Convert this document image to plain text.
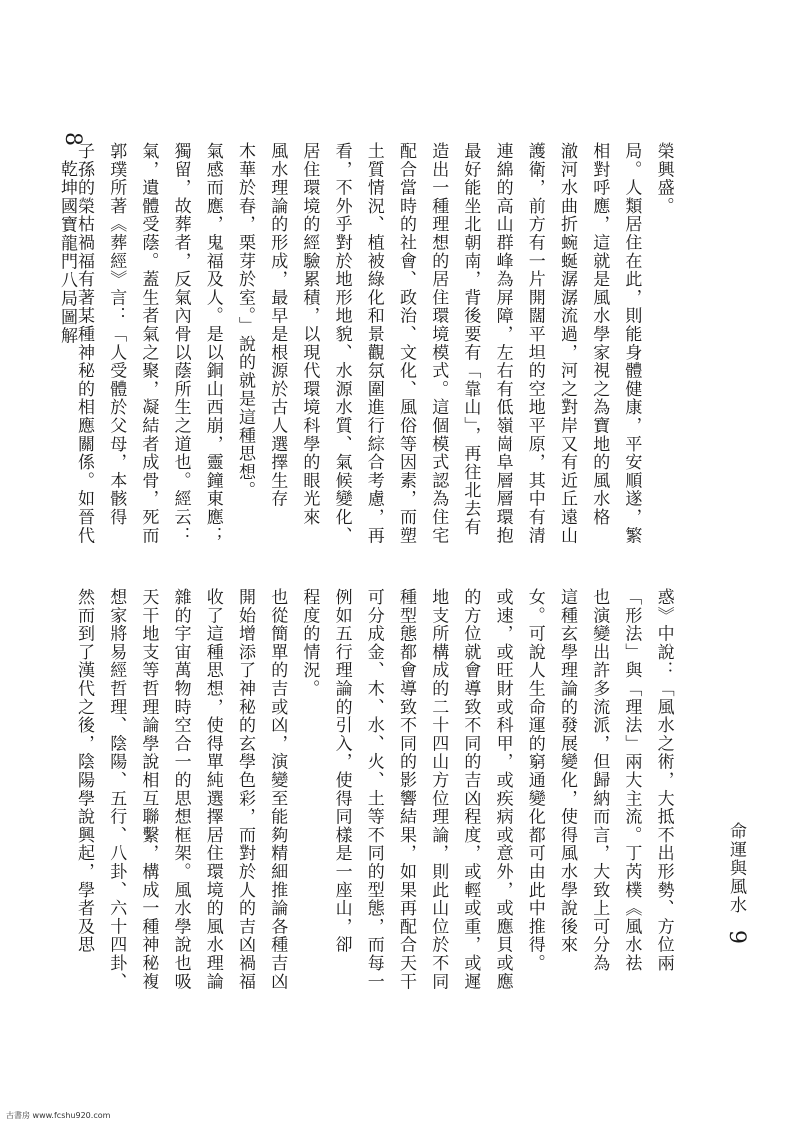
乾坤國寶龍門八局圖解
8
子孫的榮枯禍福有著某種神秘的相應關係。如晉代 郭璞所著《葬經》言：「人受體於父母，本骸得 氣，遺體受蔭。蓋生者氣之聚，凝結者成骨，死而 獨留，故葬者，反氣內骨以蔭所生之道也。經云： 氣感而應，鬼福及人。是以銅山西崩，靈鐘東應； 木華於春，栗芽於室。」說的就是這種思想。 風水理論的形成，最早是根源於古人選擇生存 居住環境的經驗累積，以現代環境科學的眼光來 看，不外乎對於地形地貌、水源水質、氣候變化、 土質情況、植被綠化和景觀氛圍進行綜合考慮，再 配合當時的社會、政治、文化、風俗等因素，而塑 造出一種理想的居住環境模式。這個模式認為住宅 最好能坐北朝南，背後要有「靠山」，再往北去有 連綿的高山群峰為屏障，左右有低嶺崗阜層層環抱 護衛，前方有一片開闊平坦的空地平原，其中有清 澈河水曲折蜿蜒潺潺流過，河之對岸又有近丘遠山 相對呼應，這就是風水學家視之為寶地的風水格 局。人類居住在此，則能身體健康，平安順遂，繁 榮興盛。
然而到了漢代之後，陰陽學說興起，學者及思 想家將易經哲理、陰陽、五行、八卦、六十四卦、 天干地支等哲理論學說相互聯繫，構成一種神秘複 雜的宇宙萬物時空合一的思想框架。風水學說也吸 收了這種思想，使得單純選擇居住環境的風水理論 開始增添了神秘的玄學色彩，而對於人的吉凶禍福 也從簡單的吉或凶，演變至能夠精細推論各種吉凶 程度的情況。 例如五行理論的引入，使得同樣是一座山，卻 可分成金、木、水、火、土等不同的型態，而每一 種型態都會導致不同的影響結果，如果再配合天干 地支所構成的二十四山方位理論，則此山位於不同 的方位就會導致不同的吉凶程度，或輕或重，或遲 或速，或旺財或科甲，或疾病或意外，或應貝或應 女。可說人生命運的窮通變化都可由此中推得。 這種玄學理論的發展變化，使得風水學說後來 也演變出許多流派，但歸納而言，大致上可分為 「形法」與「理法」兩大主流。丁芮樸《風水祛 惑》中說：「風水之術，大抵不出形勢、方位兩	命運與風水
9
古書房 www.fcshu920.com
